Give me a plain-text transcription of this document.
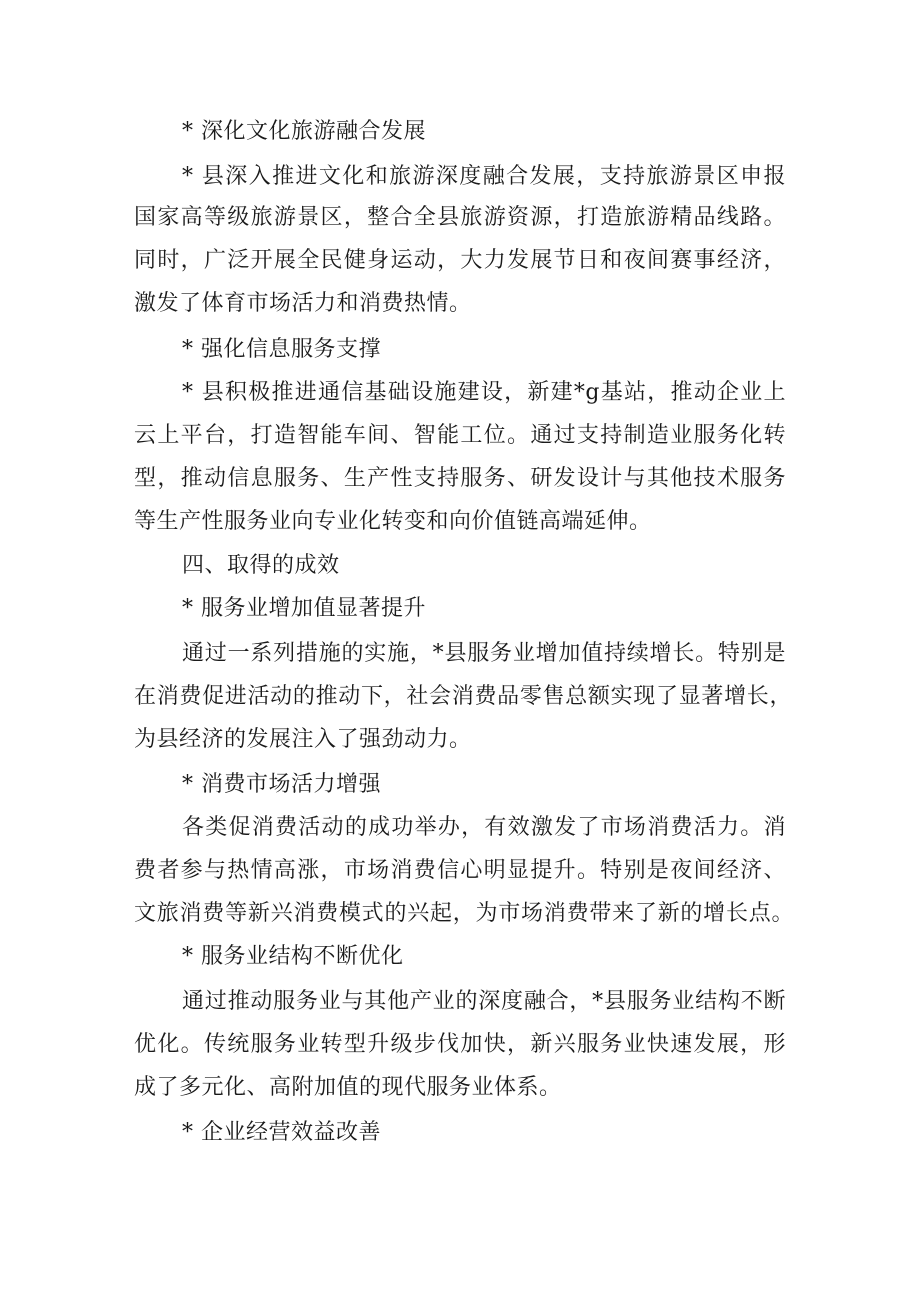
* 深化文化旅游融合发展

* 县深入推进文化和旅游深度融合发展，支持旅游景区申报

国家高等级旅游景区，整合全县旅游资源，打造旅游精品线路。

同时，广泛开展全民健身运动，大力发展节日和夜间赛事经济，

激发了体育市场活力和消费热情。

* 强化信息服务支撑

* 县积极推进通信基础设施建设，新建*g基站，推动企业上

云上平台，打造智能车间、智能工位。通过支持制造业服务化转

型，推动信息服务、生产性支持服务、研发设计与其他技术服务

等生产性服务业向专业化转变和向价值链高端延伸。

四、取得的成效

* 服务业增加值显著提升

通过一系列措施的实施，*县服务业增加值持续增长。特别是

在消费促进活动的推动下，社会消费品零售总额实现了显著增长，

为县经济的发展注入了强劲动力。

* 消费市场活力增强

各类促消费活动的成功举办，有效激发了市场消费活力。消

费者参与热情高涨，市场消费信心明显提升。特别是夜间经济、

文旅消费等新兴消费模式的兴起，为市场消费带来了新的增长点。

* 服务业结构不断优化

通过推动服务业与其他产业的深度融合，*县服务业结构不断

优化。传统服务业转型升级步伐加快，新兴服务业快速发展，形

成了多元化、高附加值的现代服务业体系。

* 企业经营效益改善
